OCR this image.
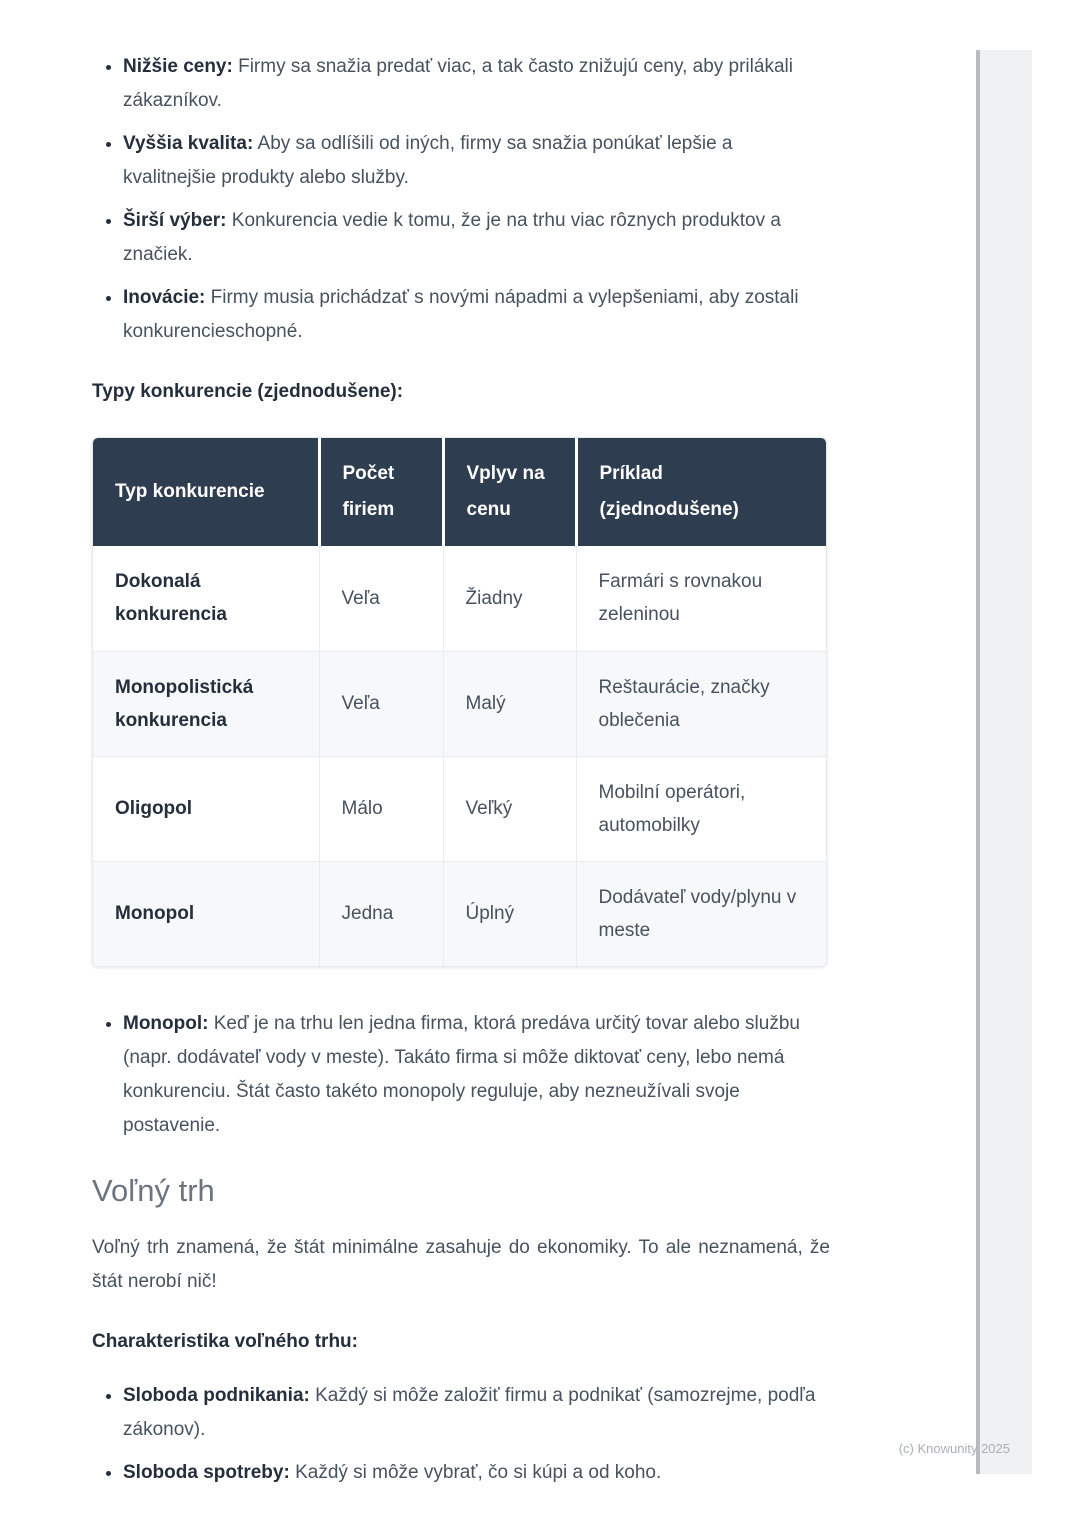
• Nižšie ceny: Firmy sa snažia predať viac, a tak často znižujú ceny, aby prilákali zákazníkov.
• Vyššia kvalita: Aby sa odlíšili od iných, firmy sa snažia ponúkať lepšie a kvalitnejšie produkty alebo služby.
• Širší výber: Konkurencia vedie k tomu, že je na trhu viac rôznych produktov a značiek.
• Inovácie: Firmy musia prichádzať s novými nápadmi a vylepšeniami, aby zostali konkurencieschopné.

Typy konkurencie (zjednodušene):

Typ konkurencie	Počet firiem	Vplyv na cenu	Príklad (zjednodušene)
Dokonalá konkurencia	Veľa	Žiadny	Farmári s rovnakou zeleninou
Monopolistická konkurencia	Veľa	Malý	Reštaurácie, značky oblečenia
Oligopol	Málo	Veľký	Mobilní operátori, automobilky
Monopol	Jedna	Úplný	Dodávateľ vody/plynu v meste
• Monopol: Keď je na trhu len jedna firma, ktorá predáva určitý tovar alebo službu (napr. dodávateľ vody v meste). Takáto firma si môže diktovať ceny, lebo nemá konkurenciu. Štát často takéto monopoly reguluje, aby nezneužívali svoje postavenie.
Voľný trh

Voľný trh znamená, že štát minimálne zasahuje do ekonomiky. To ale neznamená, že štát nerobí nič!

Charakteristika voľného trhu:

• Sloboda podnikania: Každý si môže založiť firmu a podnikať (samozrejme, podľa zákonov).
• Sloboda spotreby: Každý si môže vybrať, čo si kúpi a od koho.
(c) Knowunity 2025
